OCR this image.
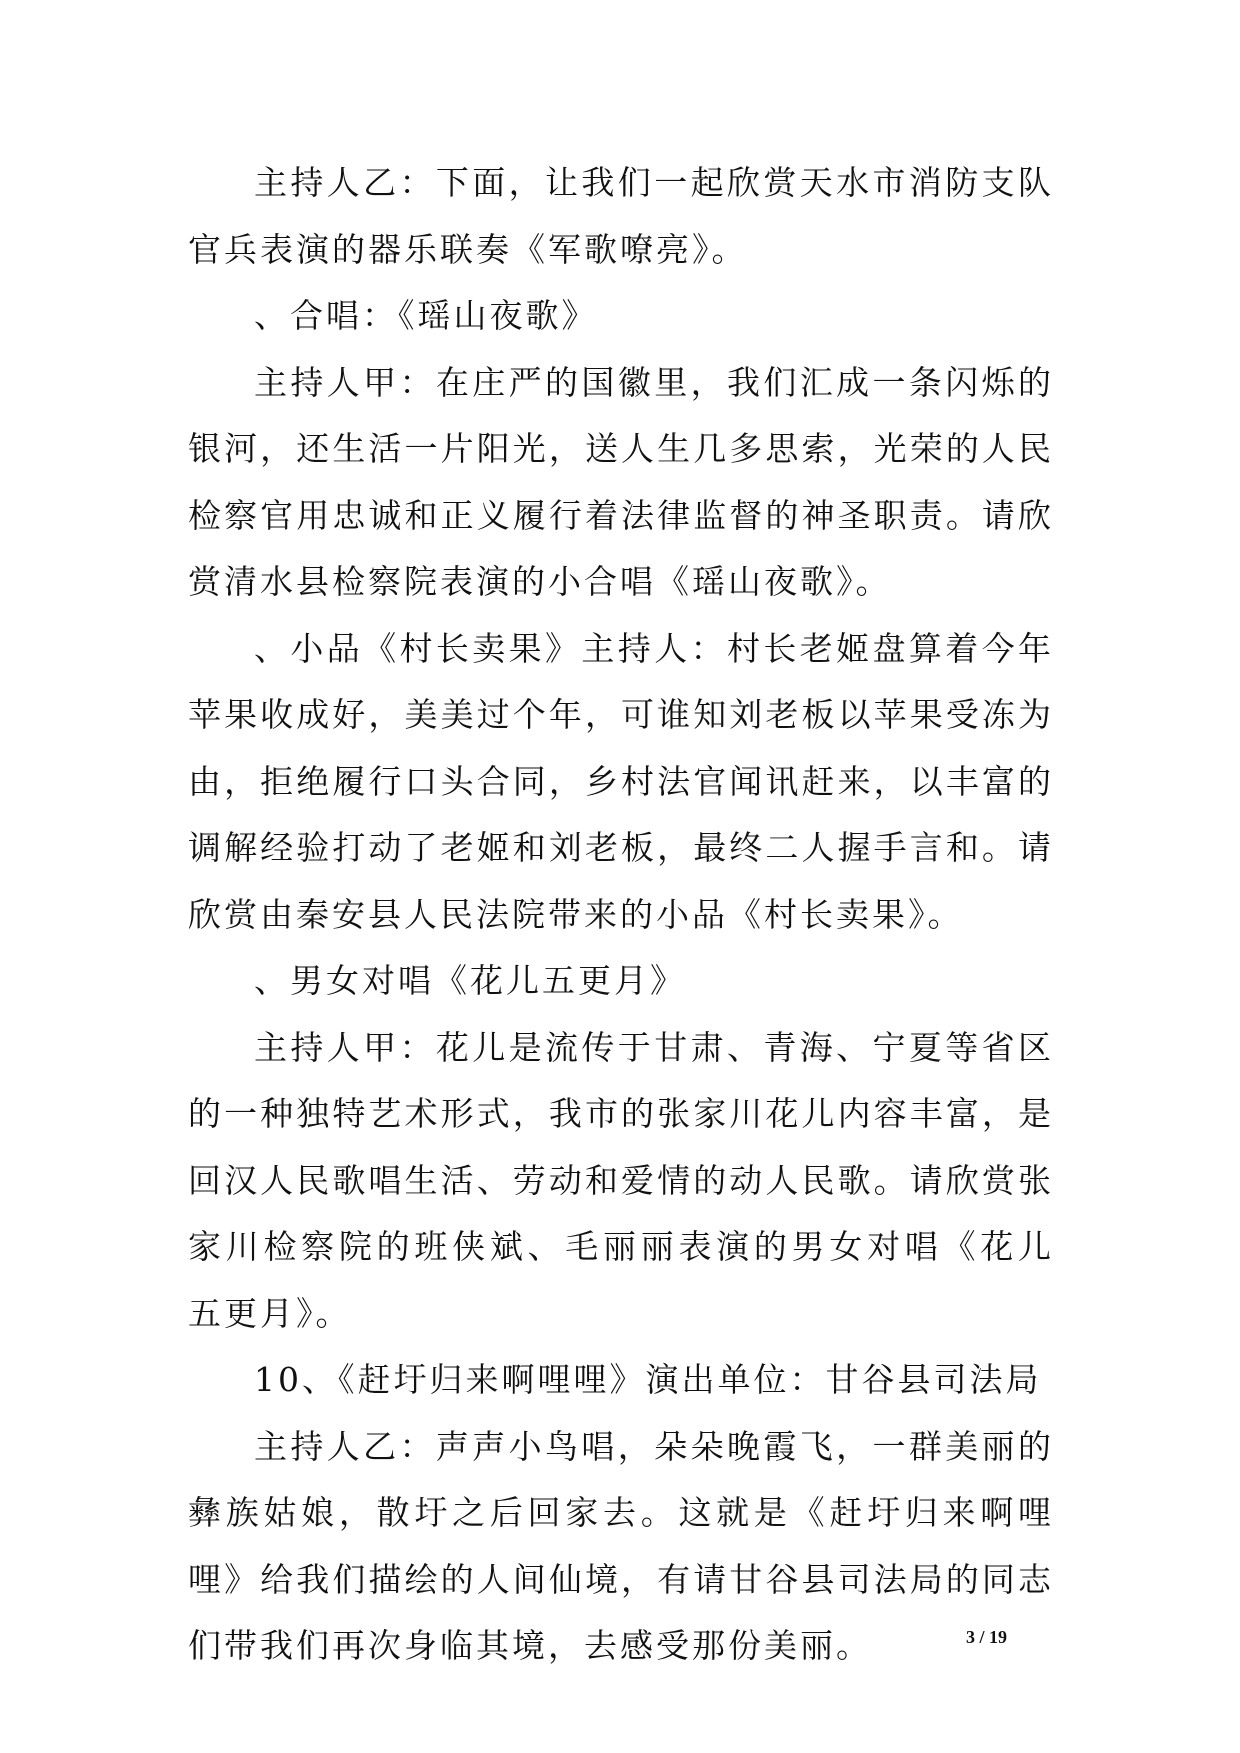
主持人乙：下面，让我们一起欣赏天水市消防支队官兵表演的器乐联奏《军歌嘹亮》。

、合唱：《瑶山夜歌》

主持人甲：在庄严的国徽里，我们汇成一条闪烁的银河，还生活一片阳光，送人生几多思索，光荣的人民检察官用忠诚和正义履行着法律监督的神圣职责。请欣赏清水县检察院表演的小合唱《瑶山夜歌》。

、小品《村长卖果》主持人：村长老姬盘算着今年苹果收成好，美美过个年，可谁知刘老板以苹果受冻为由，拒绝履行口头合同，乡村法官闻讯赶来，以丰富的调解经验打动了老姬和刘老板，最终二人握手言和。请欣赏由秦安县人民法院带来的小品《村长卖果》。

、男女对唱《花儿五更月》

主持人甲：花儿是流传于甘肃、青海、宁夏等省区的一种独特艺术形式，我市的张家川花儿内容丰富，是回汉人民歌唱生活、劳动和爱情的动人民歌。请欣赏张家川检察院的班侠斌、毛丽丽表演的男女对唱《花儿 五更月》。

10、《赶圩归来啊哩哩》演出单位：甘谷县司法局

主持人乙：声声小鸟唱，朵朵晚霞飞，一群美丽的彝族姑娘，散圩之后回家去。这就是《赶圩归来啊哩哩》给我们描绘的人间仙境，有请甘谷县司法局的同志们带我们再次身临其境，去感受那份美丽。	3 / 19
